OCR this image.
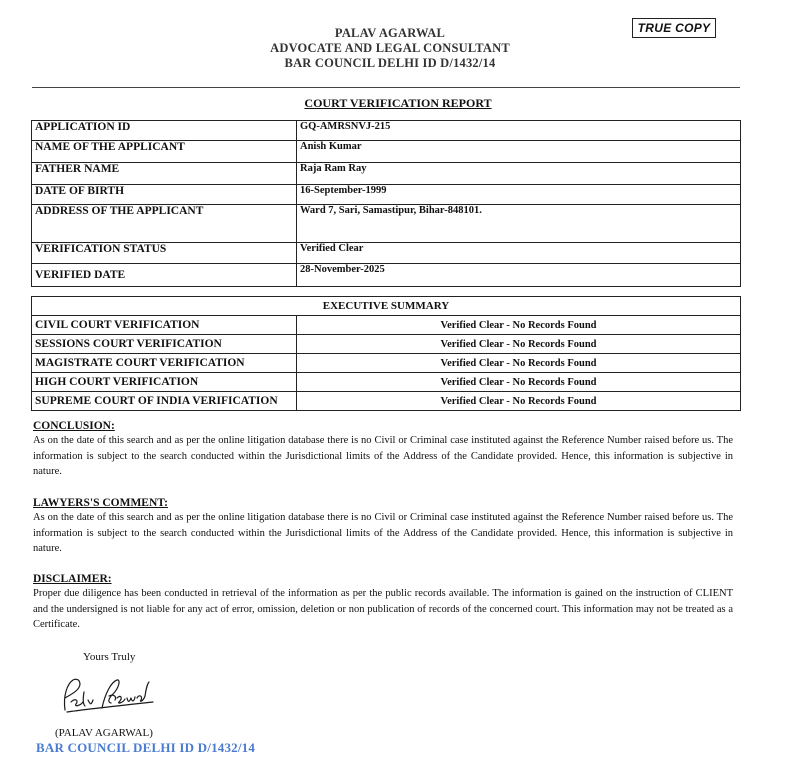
TRUE COPY
PALAV AGARWAL
ADVOCATE AND LEGAL CONSULTANT
BAR COUNCIL DELHI ID D/1432/14
COURT VERIFICATION REPORT
APPLICATION ID	GQ-AMRSNVJ-215
NAME OF THE APPLICANT	Anish Kumar
FATHER NAME	Raja Ram Ray
DATE OF BIRTH	16-September-1999
ADDRESS OF THE APPLICANT	Ward 7, Sari, Samastipur, Bihar-848101.
VERIFICATION STATUS	Verified Clear
VERIFIED DATE	28-November-2025
EXECUTIVE SUMMARY	
CIVIL COURT VERIFICATION	Verified Clear - No Records Found
SESSIONS COURT VERIFICATION	Verified Clear - No Records Found
MAGISTRATE COURT VERIFICATION	Verified Clear - No Records Found
HIGH COURT VERIFICATION	Verified Clear - No Records Found
SUPREME COURT OF INDIA VERIFICATION	Verified Clear - No Records Found
CONCLUSION:
As on the date of this search and as per the online litigation database there is no Civil or Criminal case instituted against the Reference Number raised before us. The information is subject to the search conducted within the Jurisdictional limits of the Address of the Candidate provided. Hence, this information is subjective in nature.
LAWYERS'S COMMENT:
As on the date of this search and as per the online litigation database there is no Civil or Criminal case instituted against the Reference Number raised before us. The information is subject to the search conducted within the Jurisdictional limits of the Address of the Candidate provided. Hence, this information is subjective in nature.
DISCLAIMER:
Proper due diligence has been conducted in retrieval of the information as per the public records available. The information is gained on the instruction of CLIENT and the undersigned is not liable for any act of error, omission, deletion or non publication of records of the concerned court. This information may not be treated as a Certificate.
Yours Truly
(PALAV AGARWAL)
BAR COUNCIL DELHI ID D/1432/14
